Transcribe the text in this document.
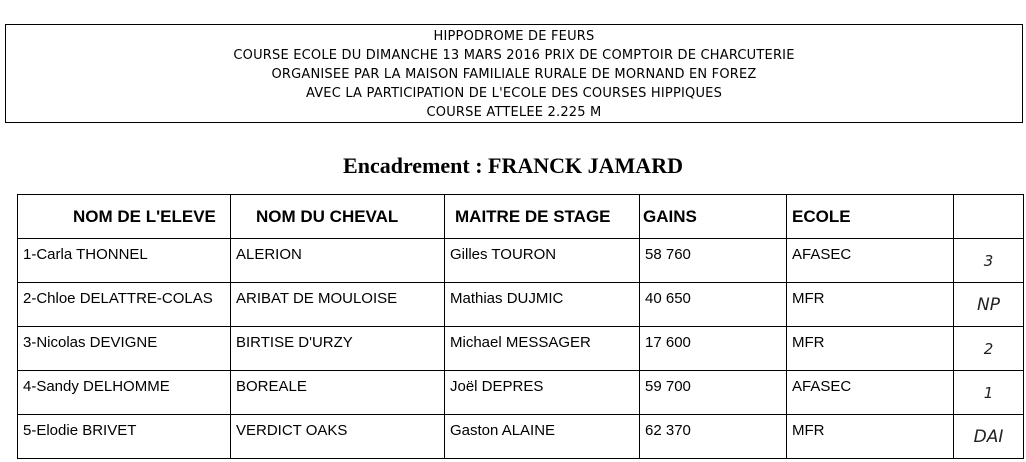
HIPPODROME DE FEURS
COURSE ECOLE DU DIMANCHE 13 MARS 2016 PRIX DE COMPTOIR DE CHARCUTERIE
ORGANISEE PAR LA MAISON FAMILIALE RURALE DE MORNAND EN FOREZ
AVEC LA PARTICIPATION DE L'ECOLE DES COURSES HIPPIQUES
COURSE ATTELEE 2.225 M
Encadrement : FRANCK JAMARD
NOM DE L'ELEVE	NOM DU CHEVAL	MAITRE DE STAGE	GAINS	ECOLE	
1-Carla THONNEL	ALERION	Gilles TOURON	58 760	AFASEC	3
2-Chloe DELATTRE-COLAS	ARIBAT DE MOULOISE	Mathias DUJMIC	40 650	MFR	NP
3-Nicolas DEVIGNE	BIRTISE D'URZY	Michael MESSAGER	17 600	MFR	2
4-Sandy DELHOMME	BOREALE	Joël DEPRES	59 700	AFASEC	1
5-Elodie BRIVET	VERDICT OAKS	Gaston ALAINE	62 370	MFR	DAI
